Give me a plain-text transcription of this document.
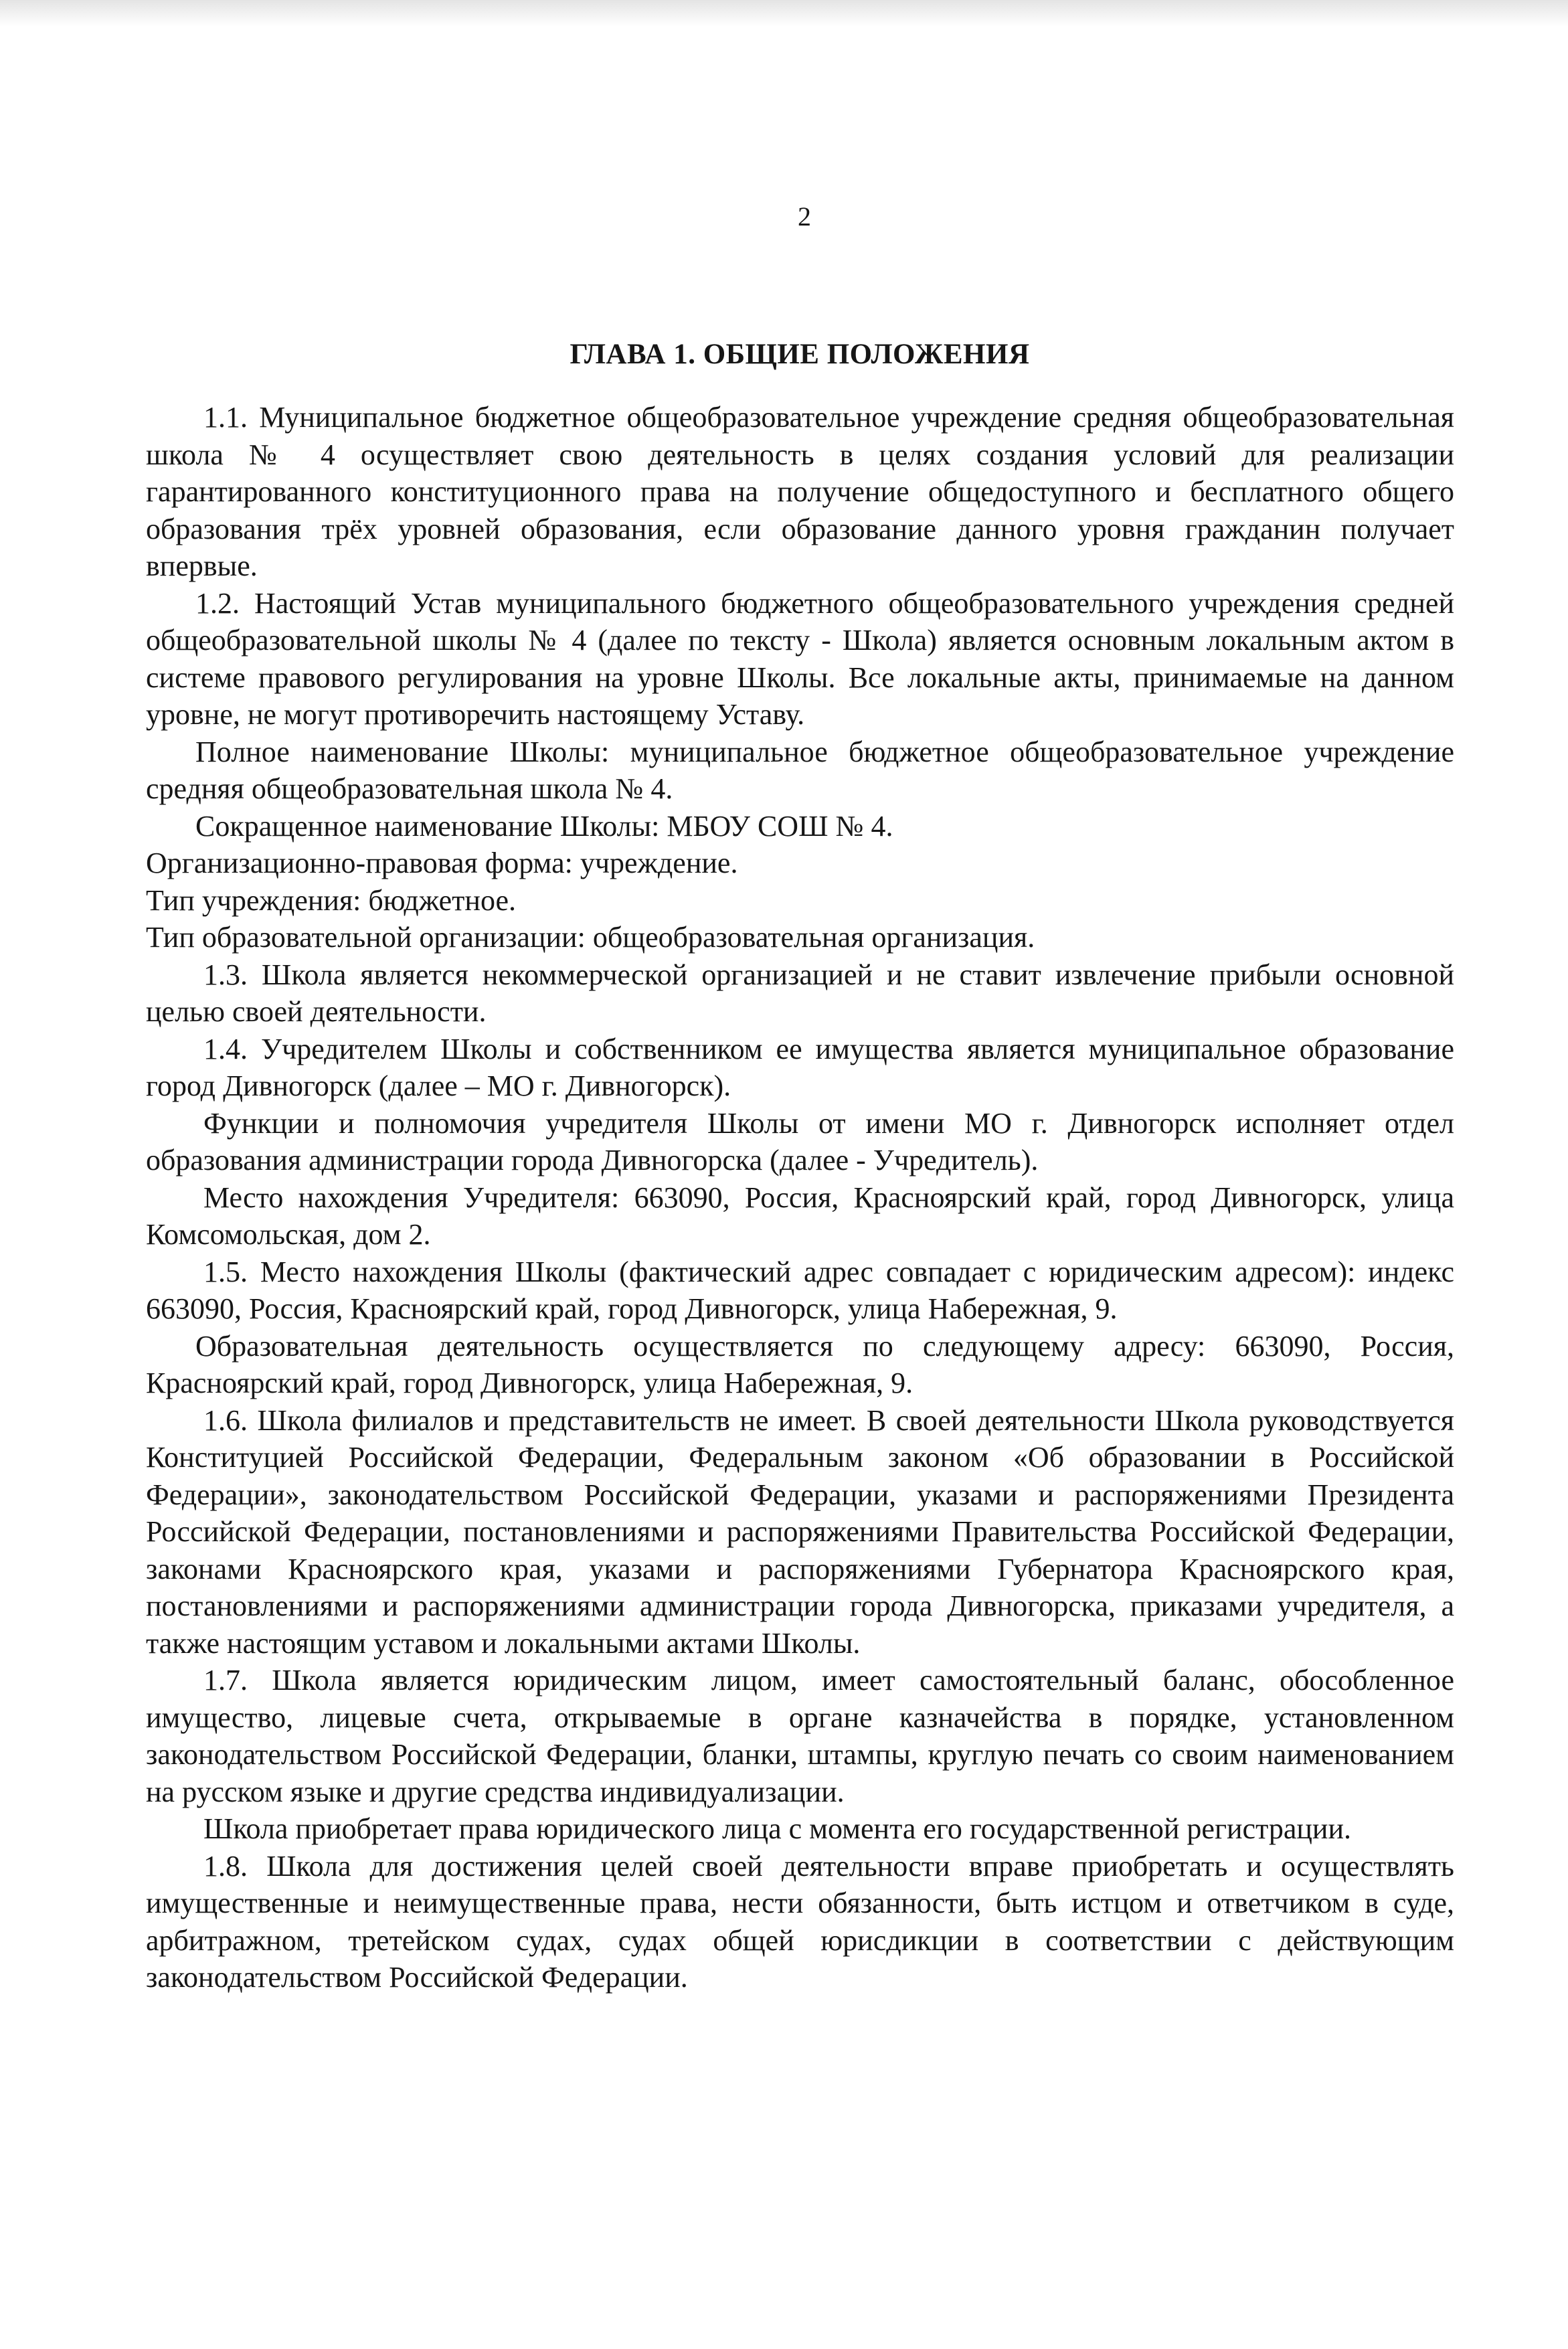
2
ГЛАВА 1. ОБЩИЕ ПОЛОЖЕНИЯ

1.1. Муниципальное бюджетное общеобразовательное учреждение средняя общеобразовательная школа № 4 осуществляет свою деятельность в целях создания условий для реализации гарантированного конституционного права на получение общедоступного и бесплатного общего образования трёх уровней образования, если образование данного уровня гражданин получает впервые.

1.2. Настоящий Устав муниципального бюджетного общеобразовательного учреждения средней общеобразовательной школы № 4 (далее по тексту - Школа) является основным локальным актом в системе правового регулирования на уровне Школы. Все локальные акты, принимаемые на данном уровне, не могут противоречить настоящему Уставу.

Полное наименование Школы: муниципальное бюджетное общеобразовательное учреждение средняя общеобразовательная школа № 4.

Сокращенное наименование Школы: МБОУ СОШ № 4.

Организационно-правовая форма: учреждение.

Тип учреждения: бюджетное.

Тип образовательной организации: общеобразовательная организация.

1.3. Школа является некоммерческой организацией и не ставит извлечение прибыли основной целью своей деятельности.

1.4. Учредителем Школы и собственником ее имущества является муниципальное образование город Дивногорск (далее – МО г. Дивногорск).

Функции и полномочия учредителя Школы от имени МО г. Дивногорск исполняет отдел образования администрации города Дивногорска (далее - Учредитель).

Место нахождения Учредителя: 663090, Россия, Красноярский край, город Дивногорск, улица Комсомольская, дом 2.

1.5. Место нахождения Школы (фактический адрес совпадает с юридическим адресом): индекс 663090, Россия, Красноярский край, город Дивногорск, улица Набережная, 9.

Образовательная деятельность осуществляется по следующему адресу: 663090, Россия, Красноярский край, город Дивногорск, улица Набережная, 9.

1.6. Школа филиалов и представительств не имеет. В своей деятельности Школа руководствуется Конституцией Российской Федерации, Федеральным законом «Об образовании в Российской Федерации», законодательством Российской Федерации, указами и распоряжениями Президента Российской Федерации, постановлениями и распоряжениями Правительства Российской Федерации, законами Красноярского края, указами и распоряжениями Губернатора Красноярского края, постановлениями и распоряжениями администрации города Дивногорска, приказами учредителя, а также настоящим уставом и локальными актами Школы.

1.7. Школа является юридическим лицом, имеет самостоятельный баланс, обособленное имущество, лицевые счета, открываемые в органе казначейства в порядке, установленном законодательством Российской Федерации, бланки, штампы, круглую печать со своим наименованием на русском языке и другие средства индивидуализации.

Школа приобретает права юридического лица с момента его государственной регистрации.

1.8. Школа для достижения целей своей деятельности вправе приобретать и осуществлять имущественные и неимущественные права, нести обязанности, быть истцом и ответчиком в суде, арбитражном, третейском судах, судах общей юрисдикции в соответствии с действующим законодательством Российской Федерации.
